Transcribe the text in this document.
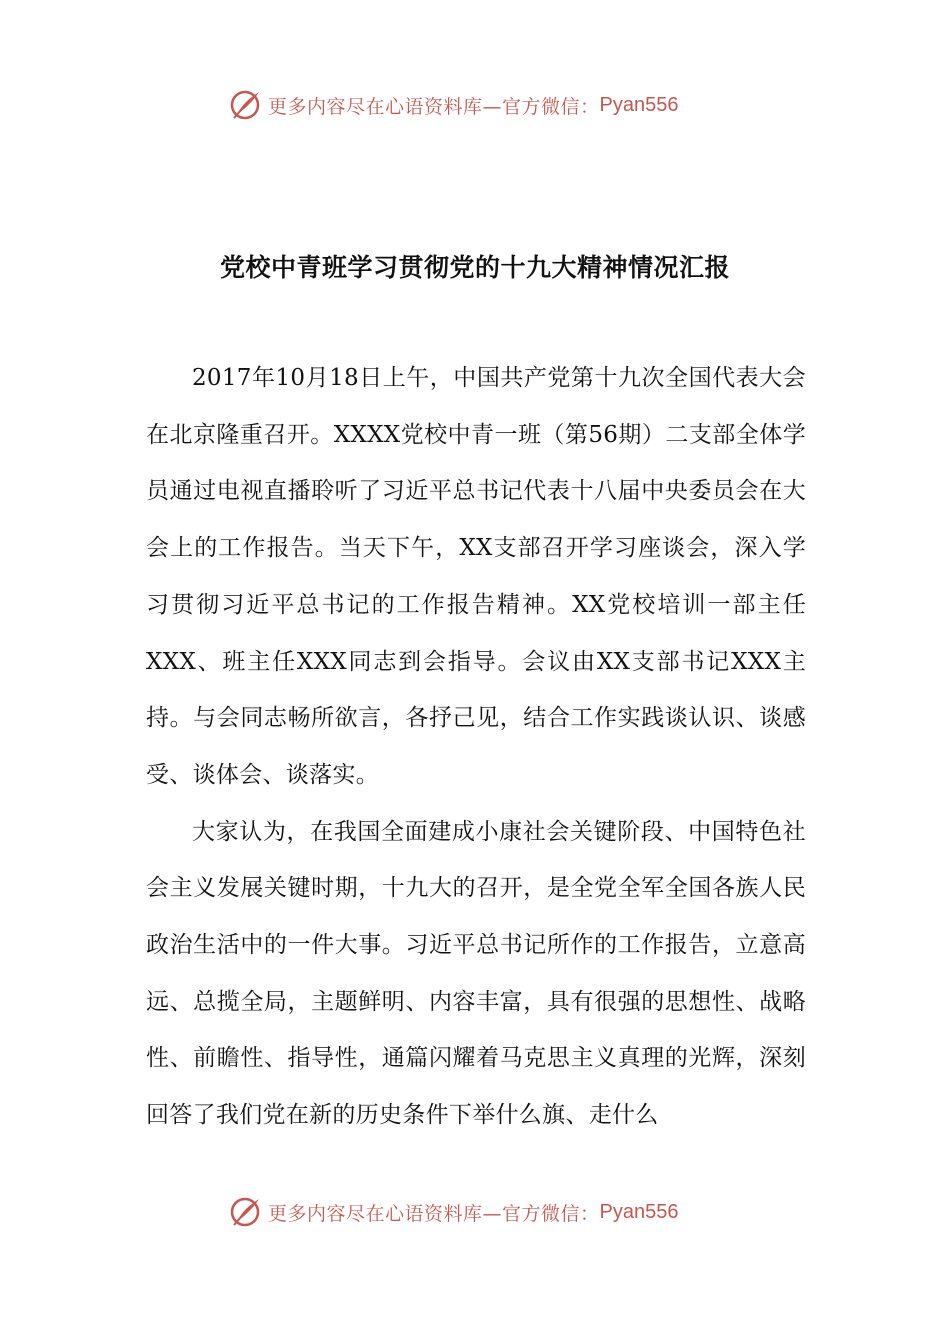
更多内容尽在心语资料库—官方微信： Pyan556
党校中青班学习贯彻党的十九大精神情况汇报

2017年10月18日上午，中国共产党第十九次全国代表大会在北京隆重召开。XXXX党校中青一班（第56期）二支部全体学员通过电视直播聆听了习近平总书记代表十八届中央委员会在大会上的工作报告。当天下午，XX支部召开学习座谈会，深入学习贯彻习近平总书记的工作报告精神。XX党校培训一部主任XXX、班主任XXX同志到会指导。会议由XX支部书记XXX主持。与会同志畅所欲言，各抒己见，结合工作实践谈认识、谈感受、谈体会、谈落实。

大家认为，在我国全面建成小康社会关键阶段、中国特色社会主义发展关键时期，十九大的召开，是全党全军全国各族人民政治生活中的一件大事。习近平总书记所作的工作报告，立意高远、总揽全局，主题鲜明、内容丰富，具有很强的思想性、战略性、前瞻性、指导性，通篇闪耀着马克思主义真理的光辉，深刻回答了我们党在新的历史条件下举什么旗、走什么

更多内容尽在心语资料库—官方微信： Pyan556
